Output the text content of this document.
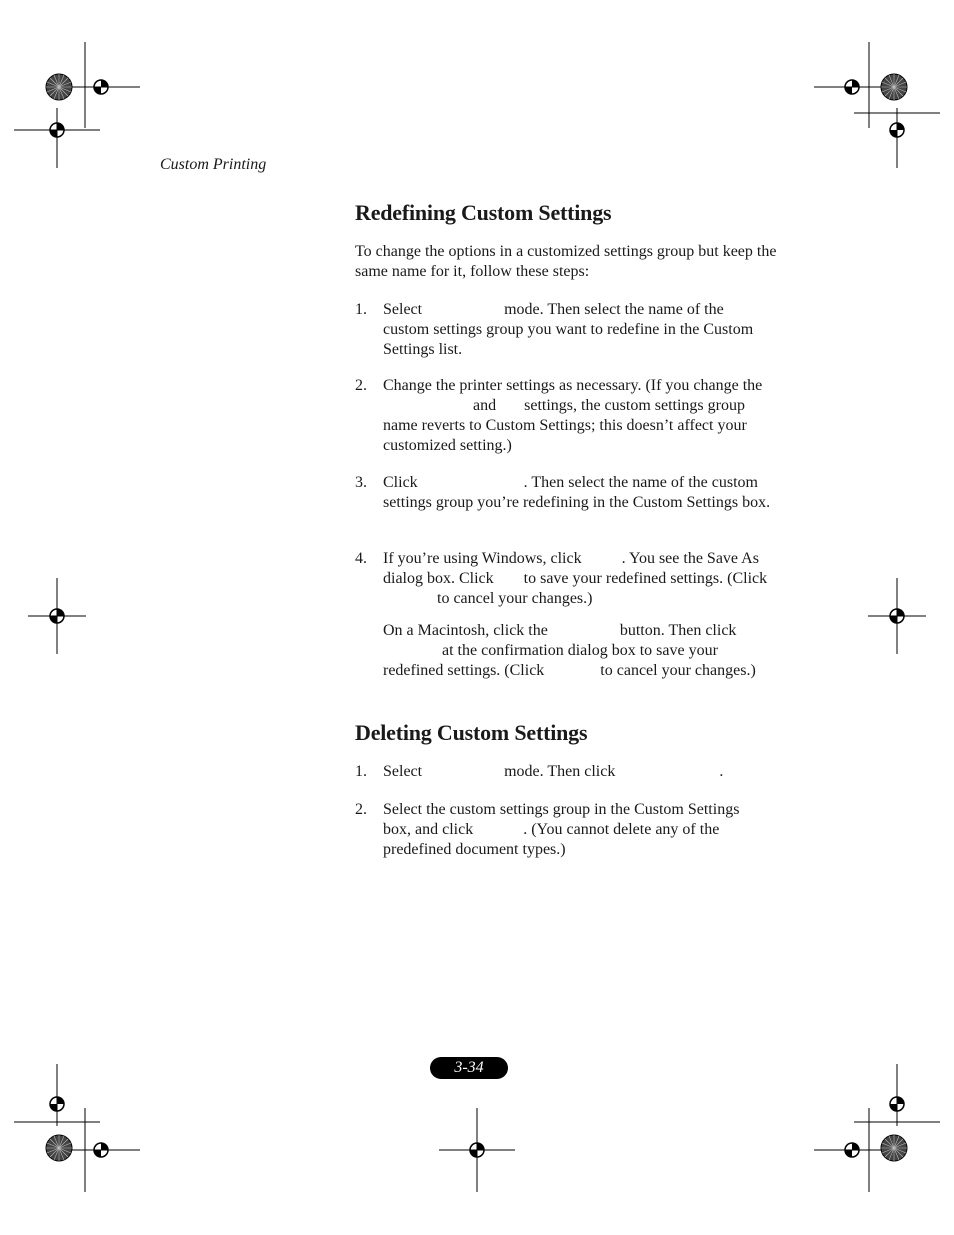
Custom Printing
Redefining Custom Settings
To change the options in a customized settings group but keep the same name for it, follow these steps:
1.	Select	mode. Then select the name of the
custom settings group you want to redefine in the Custom Settings list.
2.	Change the printer settings as necessary. (If you change the
and settings, the custom settings group
name reverts to Custom Settings; this doesn’t affect your customized setting.)
3.	Click	. Then select the name of the custom
settings group you’re redefining in the Custom Settings box.
4.	If you’re using Windows, click	. You see the Save As
dialog box. Click to save your redefined settings. (Click
to cancel your changes.)
On a Macintosh, click the	button. Then click
at the confirmation dialog box to save your
redefined settings. (Click	to cancel your changes.)
Deleting Custom Settings
1.	Select	mode. Then click	.
2.	Select the custom settings group in the Custom Settings
box, and click	. (You cannot delete any of the
predefined document types.)
3-34
